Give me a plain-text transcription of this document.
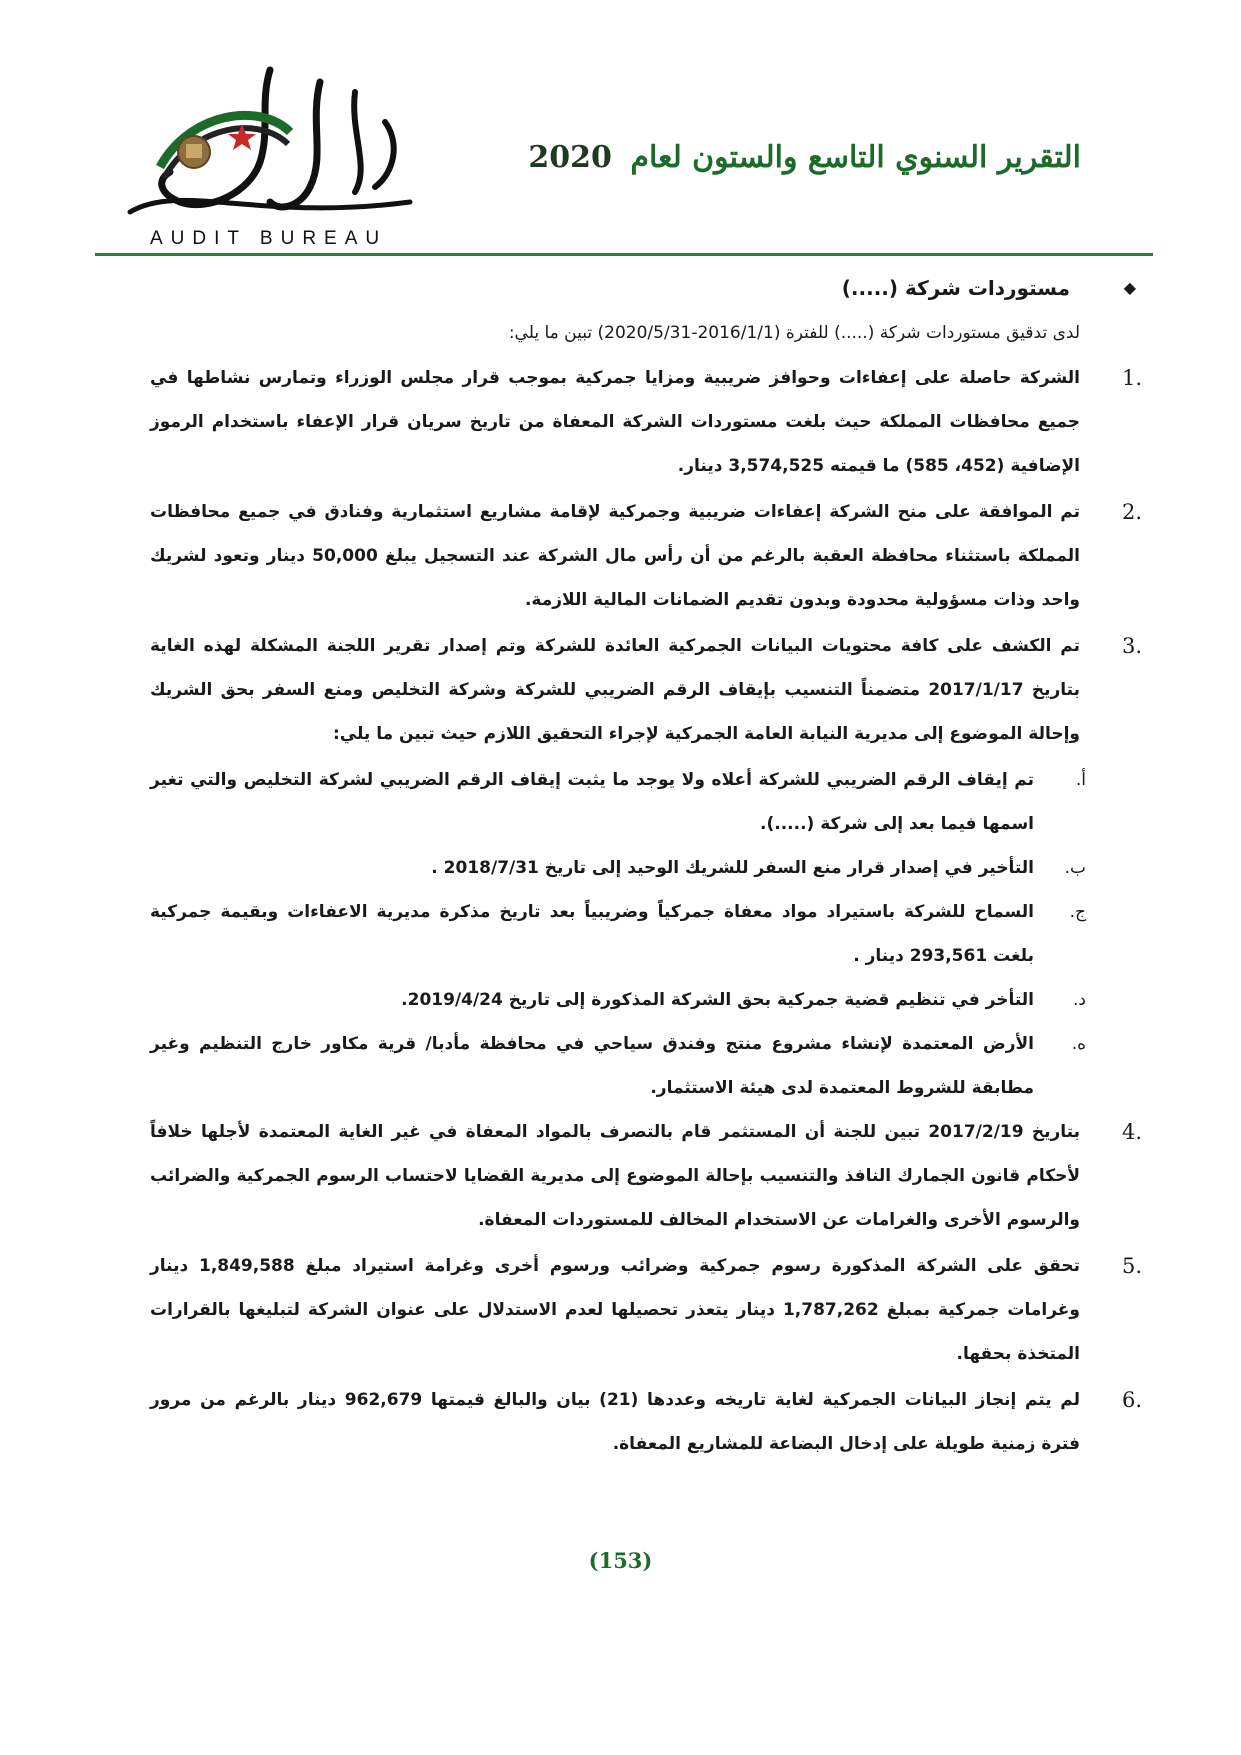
AUDIT BUREAU
التقرير السنوي التاسع والستون لعام 2020
◆
مستوردات شركة (.....)

لدى تدقيق مستوردات شركة (.....) للفترة (2016/1/1-2020/5/31) تبين ما يلي:

1.

الشركة حاصلة على إعفاءات وحوافز ضريبية ومزايا جمركية بموجب قرار مجلس الوزراء وتمارس نشاطها في جميع محافظات المملكة حيث بلغت مستوردات الشركة المعفاة من تاريخ سريان قرار الإعفاء باستخدام الرموز الإضافية (452، 585) ما قيمته 3,574,525 دينار.

2.

تم الموافقة على منح الشركة إعفاءات ضريبية وجمركية لإقامة مشاريع استثمارية وفنادق في جميع محافظات المملكة باستثناء محافظة العقبة بالرغم من أن رأس مال الشركة عند التسجيل يبلغ 50,000 دينار وتعود لشريك واحد وذات مسؤولية محدودة وبدون تقديم الضمانات المالية اللازمة.

3.

تم الكشف على كافة محتويات البيانات الجمركية العائدة للشركة وتم إصدار تقرير اللجنة المشكلة لهذه الغاية بتاريخ 2017/1/17 متضمناً التنسيب بإيقاف الرقم الضريبي للشركة وشركة التخليص ومنع السفر بحق الشريك وإحالة الموضوع إلى مديرية النيابة العامة الجمركية لإجراء التحقيق اللازم حيث تبين ما يلي:

أ.

تم إيقاف الرقم الضريبي للشركة أعلاه ولا يوجد ما يثبت إيقاف الرقم الضريبي لشركة التخليص والتي تغير اسمها فيما بعد إلى شركة (.....).

ب.

التأخير في إصدار قرار منع السفر للشريك الوحيد إلى تاريخ 2018/7/31 .

ج.

السماح للشركة باستيراد مواد معفاة جمركياً وضريبياً بعد تاريخ مذكرة مديرية الاعفاءات وبقيمة جمركية بلغت 293,561 دينار .

د.

التأخر في تنظيم قضية جمركية بحق الشركة المذكورة إلى تاريخ 2019/4/24.

ه.

الأرض المعتمدة لإنشاء مشروع منتج وفندق سياحي في محافظة مأدبا/ قرية مكاور خارج التنظيم وغير مطابقة للشروط المعتمدة لدى هيئة الاستثمار.

4.

بتاريخ 2017/2/19 تبين للجنة أن المستثمر قام بالتصرف بالمواد المعفاة في غير الغاية المعتمدة لأجلها خلافاً لأحكام قانون الجمارك النافذ والتنسيب بإحالة الموضوع إلى مديرية القضايا لاحتساب الرسوم الجمركية والضرائب والرسوم الأخرى والغرامات عن الاستخدام المخالف للمستوردات المعفاة.

5.

تحقق على الشركة المذكورة رسوم جمركية وضرائب ورسوم أخرى وغرامة استيراد مبلغ 1,849,588 دينار وغرامات جمركية بمبلغ 1,787,262 دينار يتعذر تحصيلها لعدم الاستدلال على عنوان الشركة لتبليغها بالقرارات المتخذة بحقها.

6.

لم يتم إنجاز البيانات الجمركية لغاية تاريخه وعددها (21) بيان والبالغ قيمتها 962,679 دينار بالرغم من مرور فترة زمنية طويلة على إدخال البضاعة للمشاريع المعفاة.

(153)
